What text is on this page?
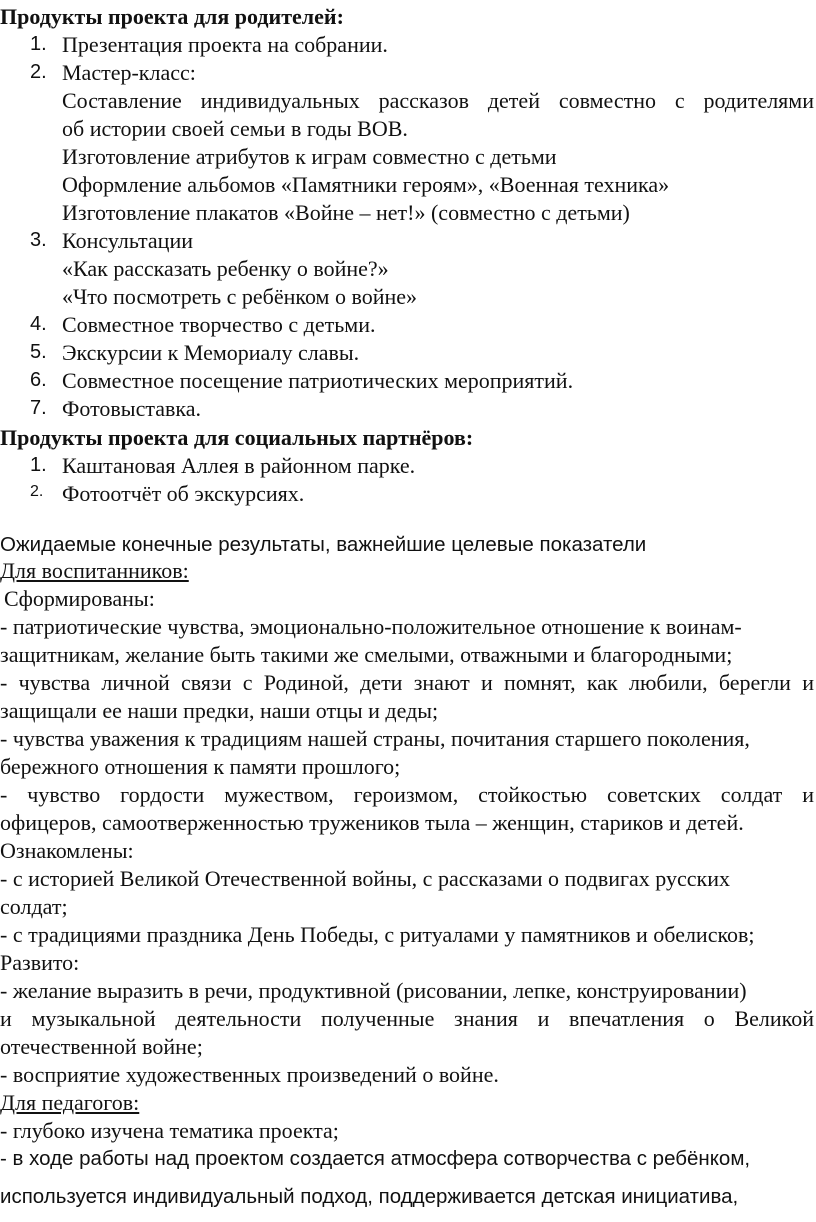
Продукты проекта для родителей:
1. Презентация проекта на собрании.
2. Мастер-класс:
Составление индивидуальных рассказов детей совместно с родителями
об истории своей семьи в годы ВОВ.
Изготовление атрибутов к играм совместно с детьми
Оформление альбомов «Памятники героям», «Военная техника»
Изготовление плакатов «Войне – нет!» (совместно с детьми)
3. Консультации
«Как рассказать ребенку о войне?»
«Что посмотреть с ребёнком о войне»
4. Совместное творчество с детьми.
5. Экскурсии к Мемориалу славы.
6. Совместное посещение патриотических мероприятий.
7. Фотовыставка.
Продукты проекта для социальных партнёров:
1. Каштановая Аллея в районном парке.
2. Фотоотчёт об экскурсиях.
Ожидаемые конечные результаты, важнейшие целевые показатели
Для воспитанников:
Сформированы:
- патриотические чувства, эмоционально-положительное отношение к воинам-
защитникам, желание быть такими же смелыми, отважными и благородными;
- чувства личной связи с Родиной, дети знают и помнят, как любили, берегли и
защищали ее наши предки, наши отцы и деды;
- чувства уважения к традициям нашей страны, почитания старшего поколения,
бережного отношения к памяти прошлого;
- чувство гордости мужеством, героизмом, стойкостью советских солдат и
офицеров, самоотверженностью тружеников тыла – женщин, стариков и детей.
Ознакомлены:
- с историей Великой Отечественной войны, с рассказами о подвигах русских
солдат;
- с традициями праздника День Победы, с ритуалами у памятников и обелисков;
Развито:
- желание выразить в речи, продуктивной (рисовании, лепке, конструировании)
и музыкальной деятельности полученные знания и впечатления о Великой
отечественной войне;
- восприятие художественных произведений о войне.
Для педагогов:
- глубоко изучена тематика проекта;
- в ходе работы над проектом создается атмосфера сотворчества с ребёнком,
используется индивидуальный подход, поддерживается детская инициатива,
